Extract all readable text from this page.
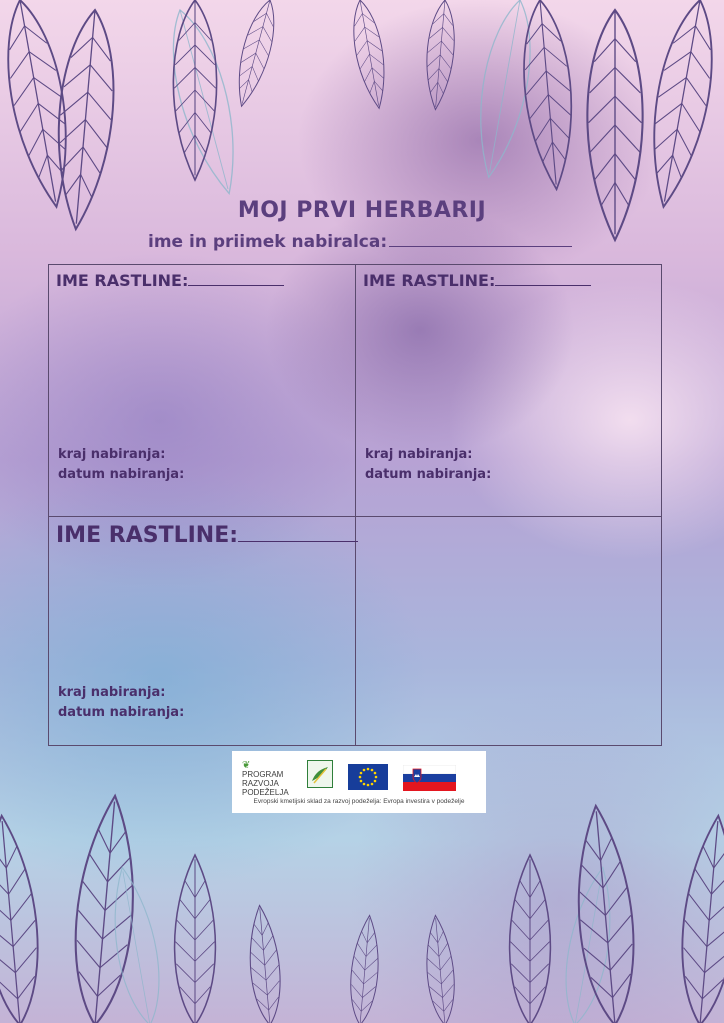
MOJ PRVI HERBARIJ
ime in priimek nabiralca:
IME RASTLINE:
kraj nabiranja:
datum nabiranja:
IME RASTLINE:
kraj nabiranja:
datum nabiranja:
IME RASTLINE:
kraj nabiranja:
datum nabiranja:
❦
PROGRAM
RAZVOJA
PODEŽELJA
Evropski kmetijski sklad za razvoj podeželja: Evropa investira v podeželje
